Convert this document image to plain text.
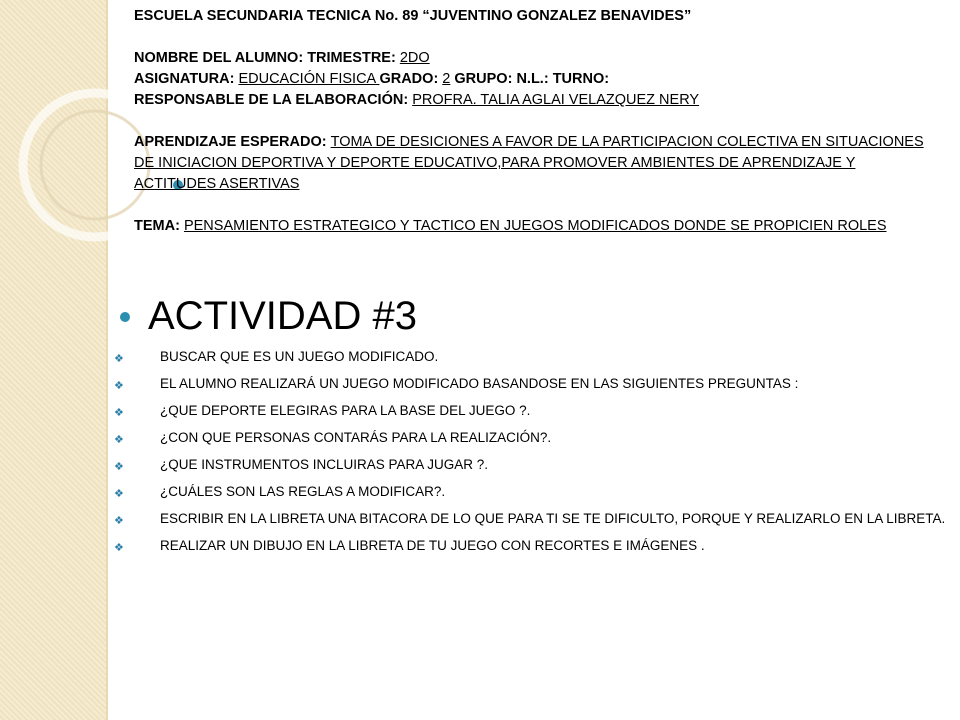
ESCUELA SECUNDARIA TECNICA No. 89 “JUVENTINO GONZALEZ BENAVIDES”
NOMBRE DEL ALUMNO: TRIMESTRE: 2DO
ASIGNATURA: EDUCACIÓN FISICA GRADO: 2 GRUPO: N.L.: TURNO:
RESPONSABLE DE LA ELABORACIÓN: PROFRA. TALIA AGLAI VELAZQUEZ NERY
APRENDIZAJE ESPERADO: TOMA DE DESICIONES A FAVOR DE LA PARTICIPACION COLECTIVA EN SITUACIONES DE INICIACION DEPORTIVA Y DEPORTE EDUCATIVO,PARA PROMOVER AMBIENTES DE APRENDIZAJE Y ACTITUDES ASERTIVAS
TEMA: PENSAMIENTO ESTRATEGICO Y TACTICO EN JUEGOS MODIFICADOS DONDE SE PROPICIEN ROLES
ACTIVIDAD #3
❖	BUSCAR QUE ES UN JUEGO MODIFICADO.
❖	EL ALUMNO REALIZARÁ UN JUEGO MODIFICADO BASANDOSE EN LAS SIGUIENTES PREGUNTAS :
❖	¿QUE DEPORTE ELEGIRAS PARA LA BASE DEL JUEGO ?.
❖	¿CON QUE PERSONAS CONTARÁS PARA LA REALIZACIÓN?.
❖	¿QUE INSTRUMENTOS INCLUIRAS PARA JUGAR ?.
❖	¿CUÁLES SON LAS REGLAS A MODIFICAR?.
❖	ESCRIBIR EN LA LIBRETA UNA BITACORA DE LO QUE PARA TI SE TE DIFICULTO, PORQUE Y REALIZARLO EN LA LIBRETA.
❖	REALIZAR UN DIBUJO EN LA LIBRETA DE TU JUEGO CON RECORTES E IMÁGENES .
